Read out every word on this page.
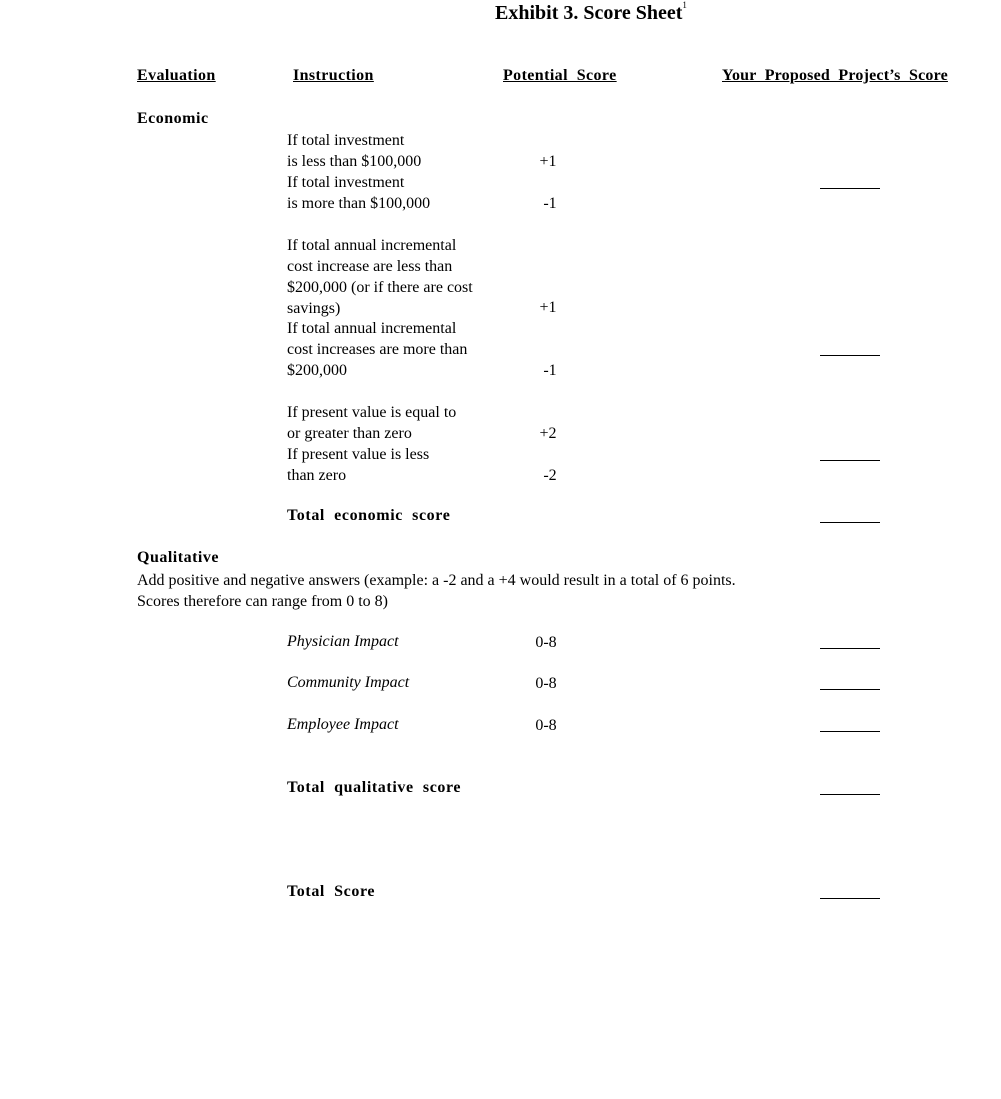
Exhibit 3. Score Sheet$^1$
Evaluation	Instruction	Potential  Score	Your  Proposed  Project’s  Score
Economic
If total investment
is less than $100,000	+1
If total investment
is more than $100,000	-1
If total annual incremental
cost increase are less than
$200,000 (or if there are cost
savings)	+1
If total annual incremental
cost increases are more than
$200,000	-1
If present value is equal to
or greater than zero	+2
If present value is less
than zero	-2
Total  economic  score
Qualitative
Add positive and negative answers (example: a -2 and a +4 would result in a total of 6 points.
Scores therefore can range from 0 to 8)
Physician Impact	0-8
Community Impact	0-8
Employee Impact	0-8
Total  qualitative  score
Total  Score
